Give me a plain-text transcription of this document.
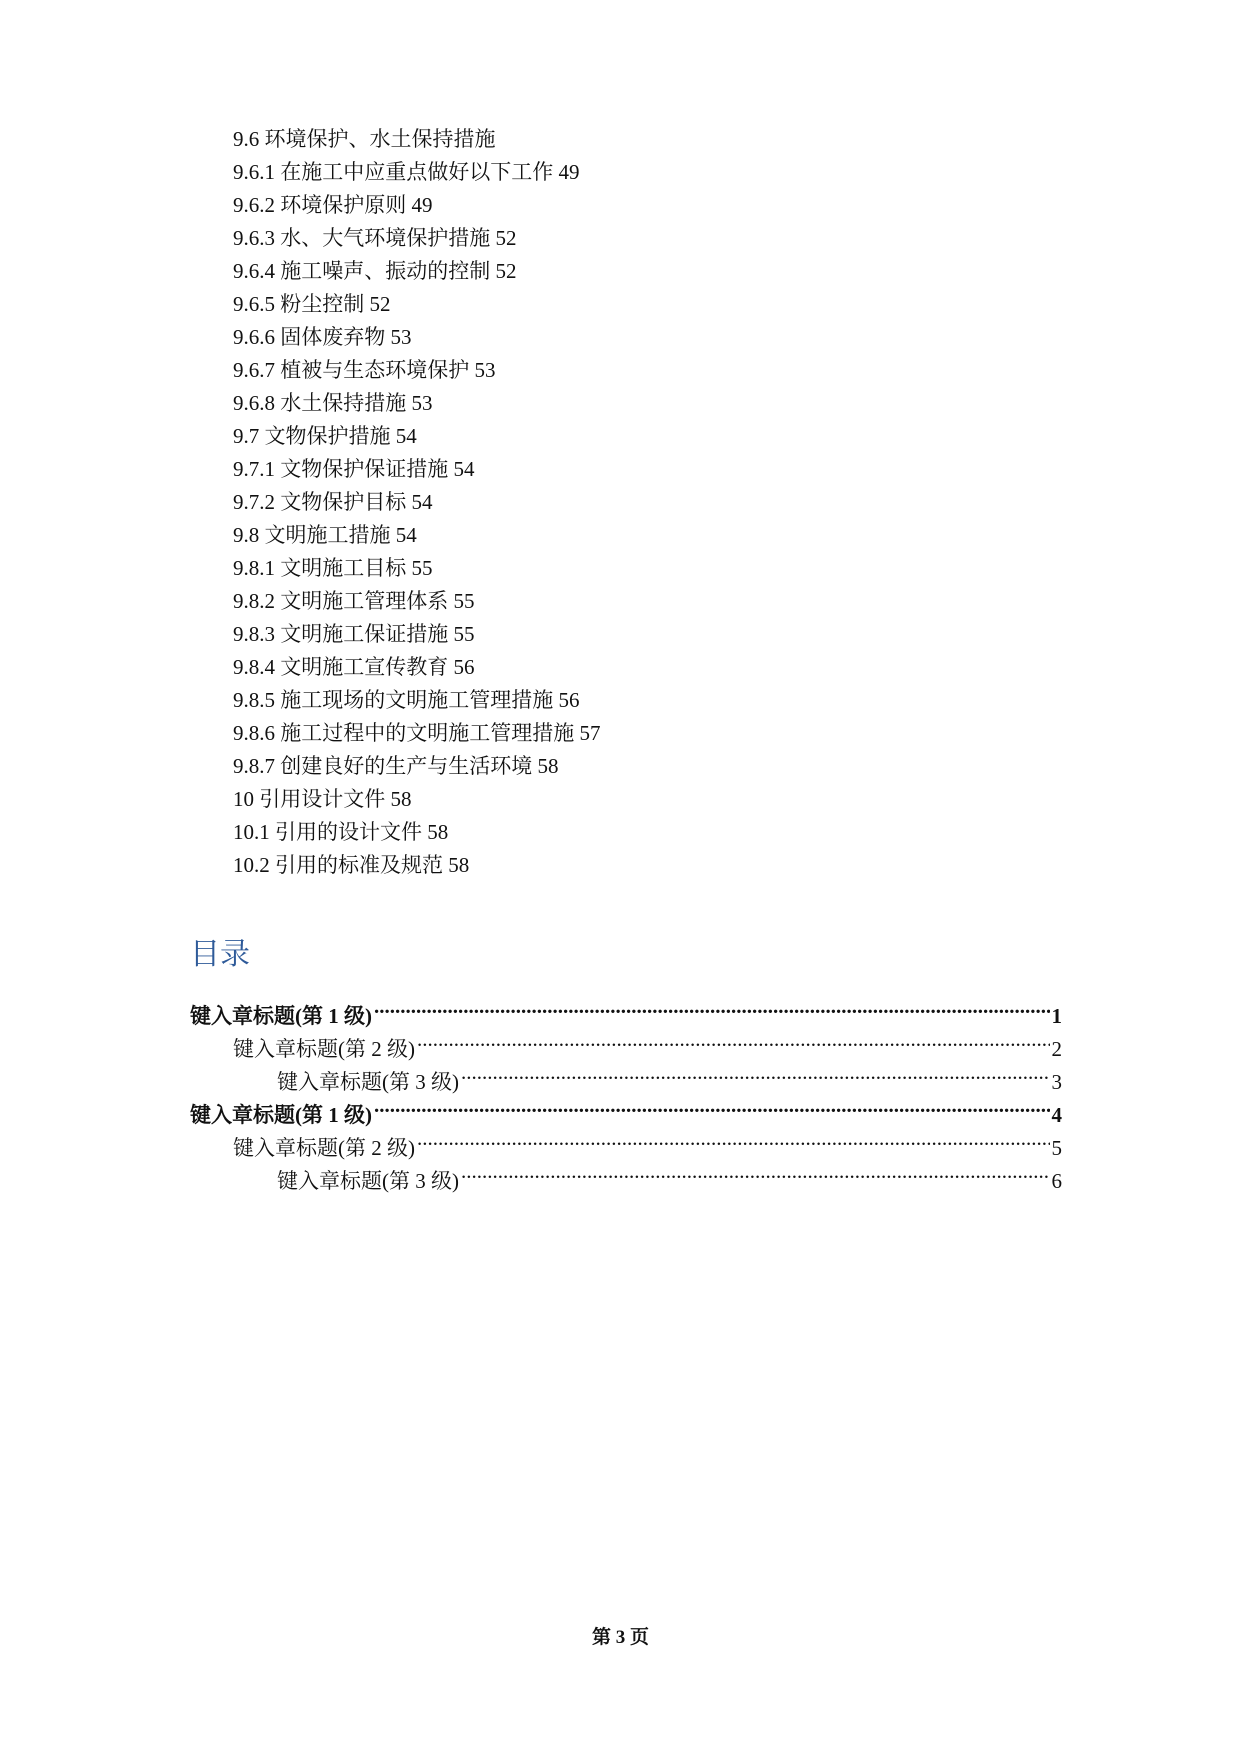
9.6 环境保护、水土保持措施
9.6.1 在施工中应重点做好以下工作 49
9.6.2 环境保护原则 49
9.6.3 水、大气环境保护措施 52
9.6.4 施工噪声、振动的控制 52
9.6.5 粉尘控制 52
9.6.6 固体废弃物 53
9.6.7 植被与生态环境保护 53
9.6.8 水土保持措施 53
9.7 文物保护措施 54
9.7.1 文物保护保证措施 54
9.7.2 文物保护目标 54
9.8 文明施工措施 54
9.8.1 文明施工目标 55
9.8.2 文明施工管理体系 55
9.8.3 文明施工保证措施 55
9.8.4 文明施工宣传教育 56
9.8.5 施工现场的文明施工管理措施 56
9.8.6 施工过程中的文明施工管理措施 57
9.8.7 创建良好的生产与生活环境 58
10 引用设计文件 58
10.1 引用的设计文件 58
10.2 引用的标准及规范 58
目录
键入章标题(第 1 级) .....	1
键入章标题(第 2 级) .....	2
键入章标题(第 3 级) .....	3
键入章标题(第 1 级) .....	4
键入章标题(第 2 级) .....	5
键入章标题(第 3 级) .....	6
第 3 页
